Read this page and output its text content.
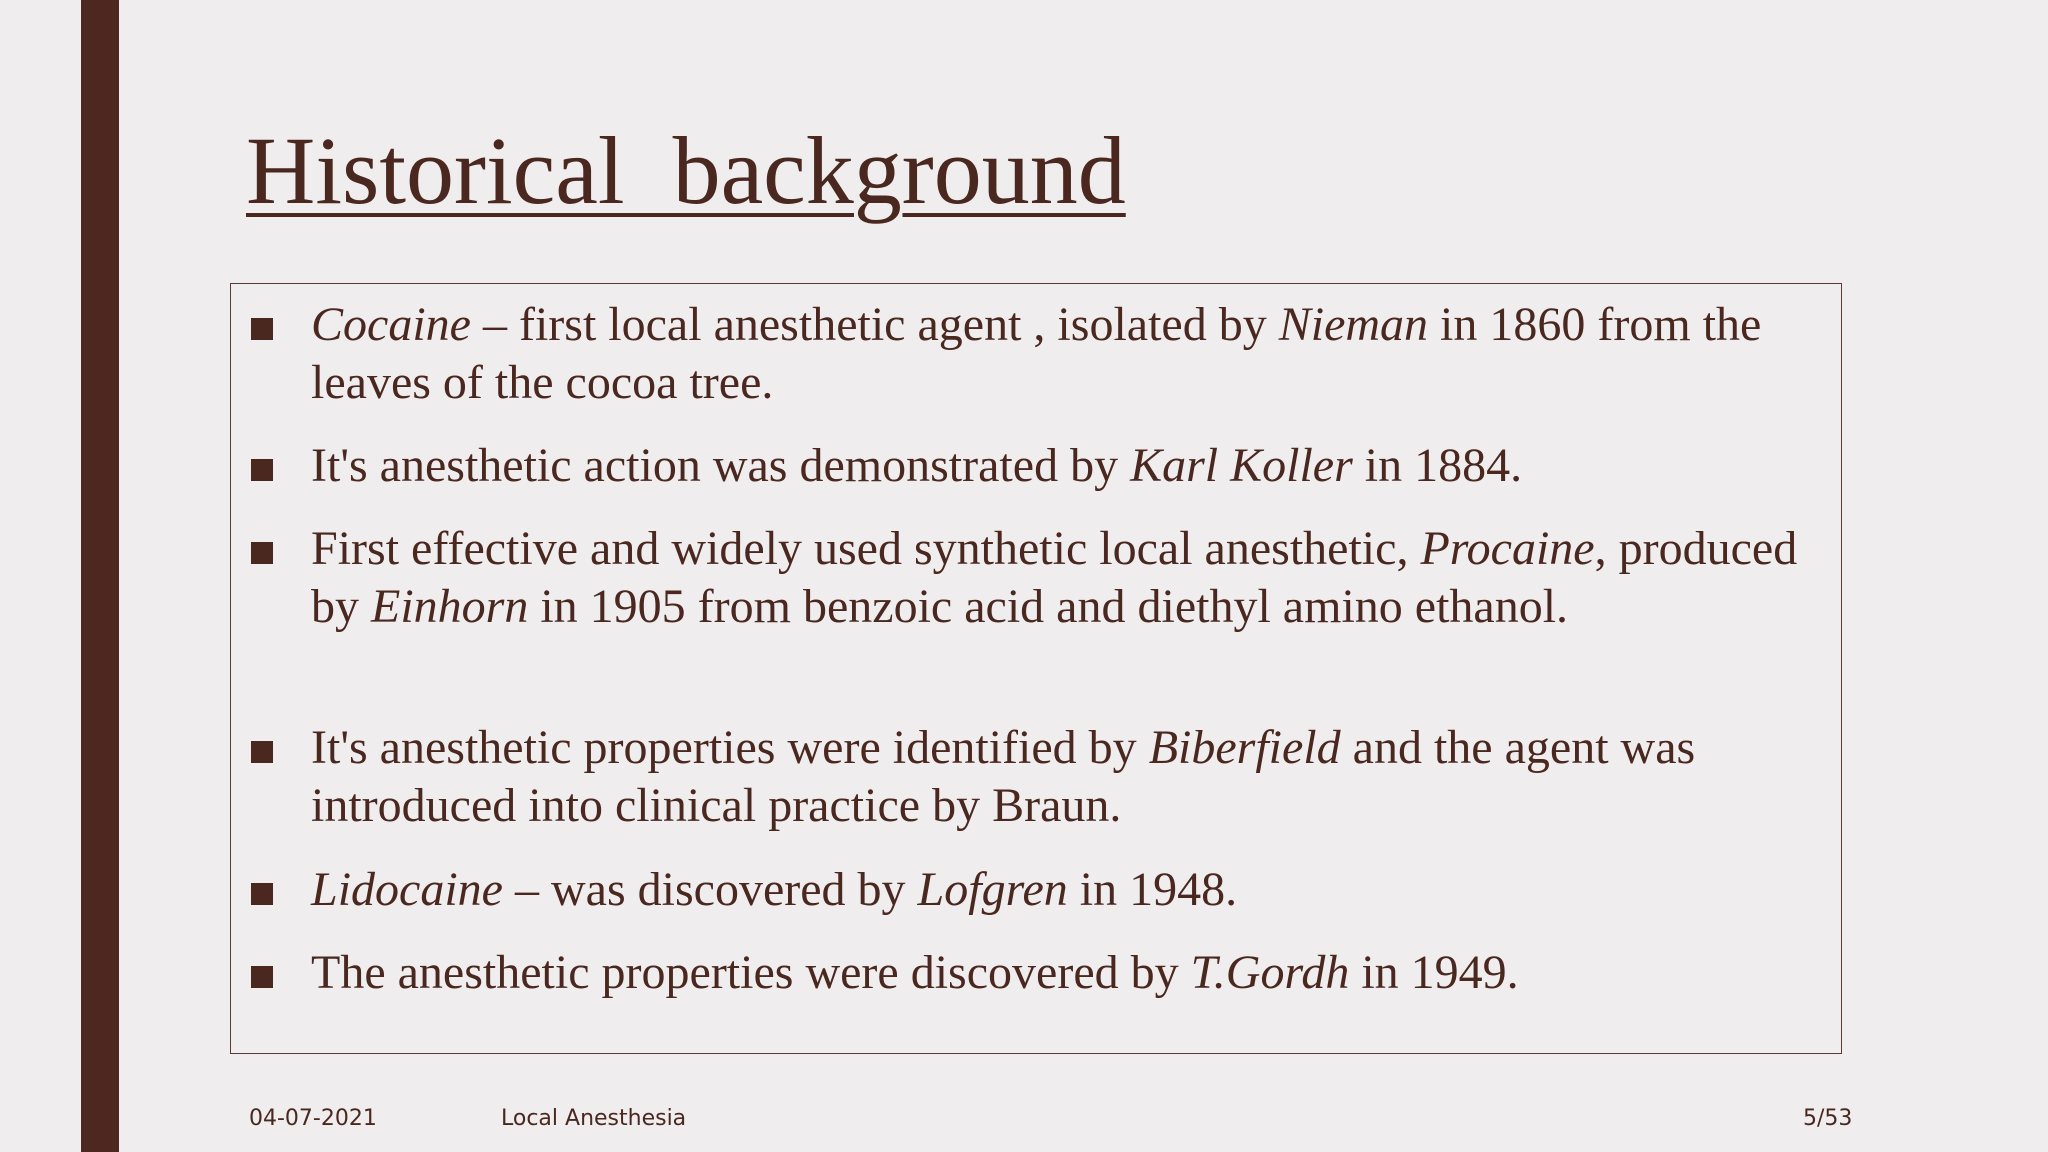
Historical  background
Cocaine – first local anesthetic agent , isolated by Nieman in 1860 from the leaves of the cocoa tree.
It's anesthetic action was demonstrated by Karl Koller in 1884.
First effective and widely used synthetic local anesthetic, Procaine, produced by Einhorn in 1905 from benzoic acid and diethyl amino ethanol.
It's anesthetic properties were identified by Biberfield and the agent was introduced into clinical practice by Braun.
Lidocaine – was discovered by Lofgren in 1948.
The anesthetic properties were discovered by T.Gordh in 1949.
04-07-2021	Local Anesthesia	5/53
